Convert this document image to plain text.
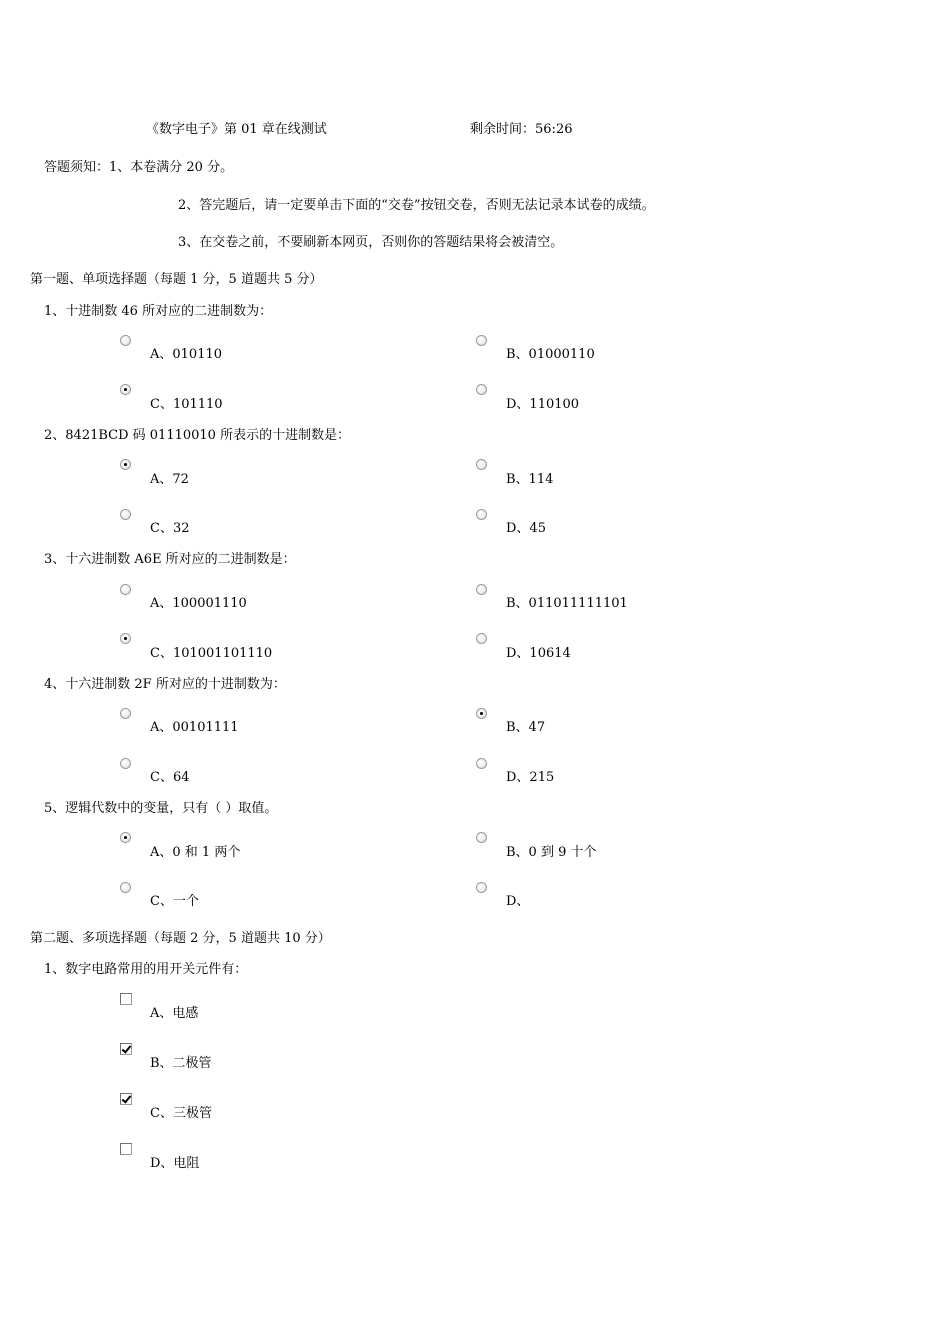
《数字电子》第 01 章在线测试	剩余时间：56:26
答题须知：1、本卷满分 20 分。
2、答完题后，请一定要单击下面的“交卷”按钮交卷，否则无法记录本试卷的成绩。
3、在交卷之前，不要刷新本网页，否则你的答题结果将会被清空。
第一题、单项选择题（每题 1 分，5 道题共 5 分）
1、十进制数 46 所对应的二进制数为：
A、010110	B、01000110
C、101110	D、110100
2、8421BCD 码 01110010 所表示的十进制数是：
A、72	B、114
C、32	D、45
3、十六进制数 A6E 所对应的二进制数是：
A、100001110	B、011011111101
C、101001101110	D、10614
4、十六进制数 2F 所对应的十进制数为：
A、00101111	B、47
C、64	D、215
5、逻辑代数中的变量，只有（ ）取值。
A、0 和 1 两个	B、0 到 9 十个
C、一个	D、
第二题、多项选择题（每题 2 分，5 道题共 10 分）
1、数字电路常用的用开关元件有：
A、电感
B、二极管
C、三极管
D、电阻
